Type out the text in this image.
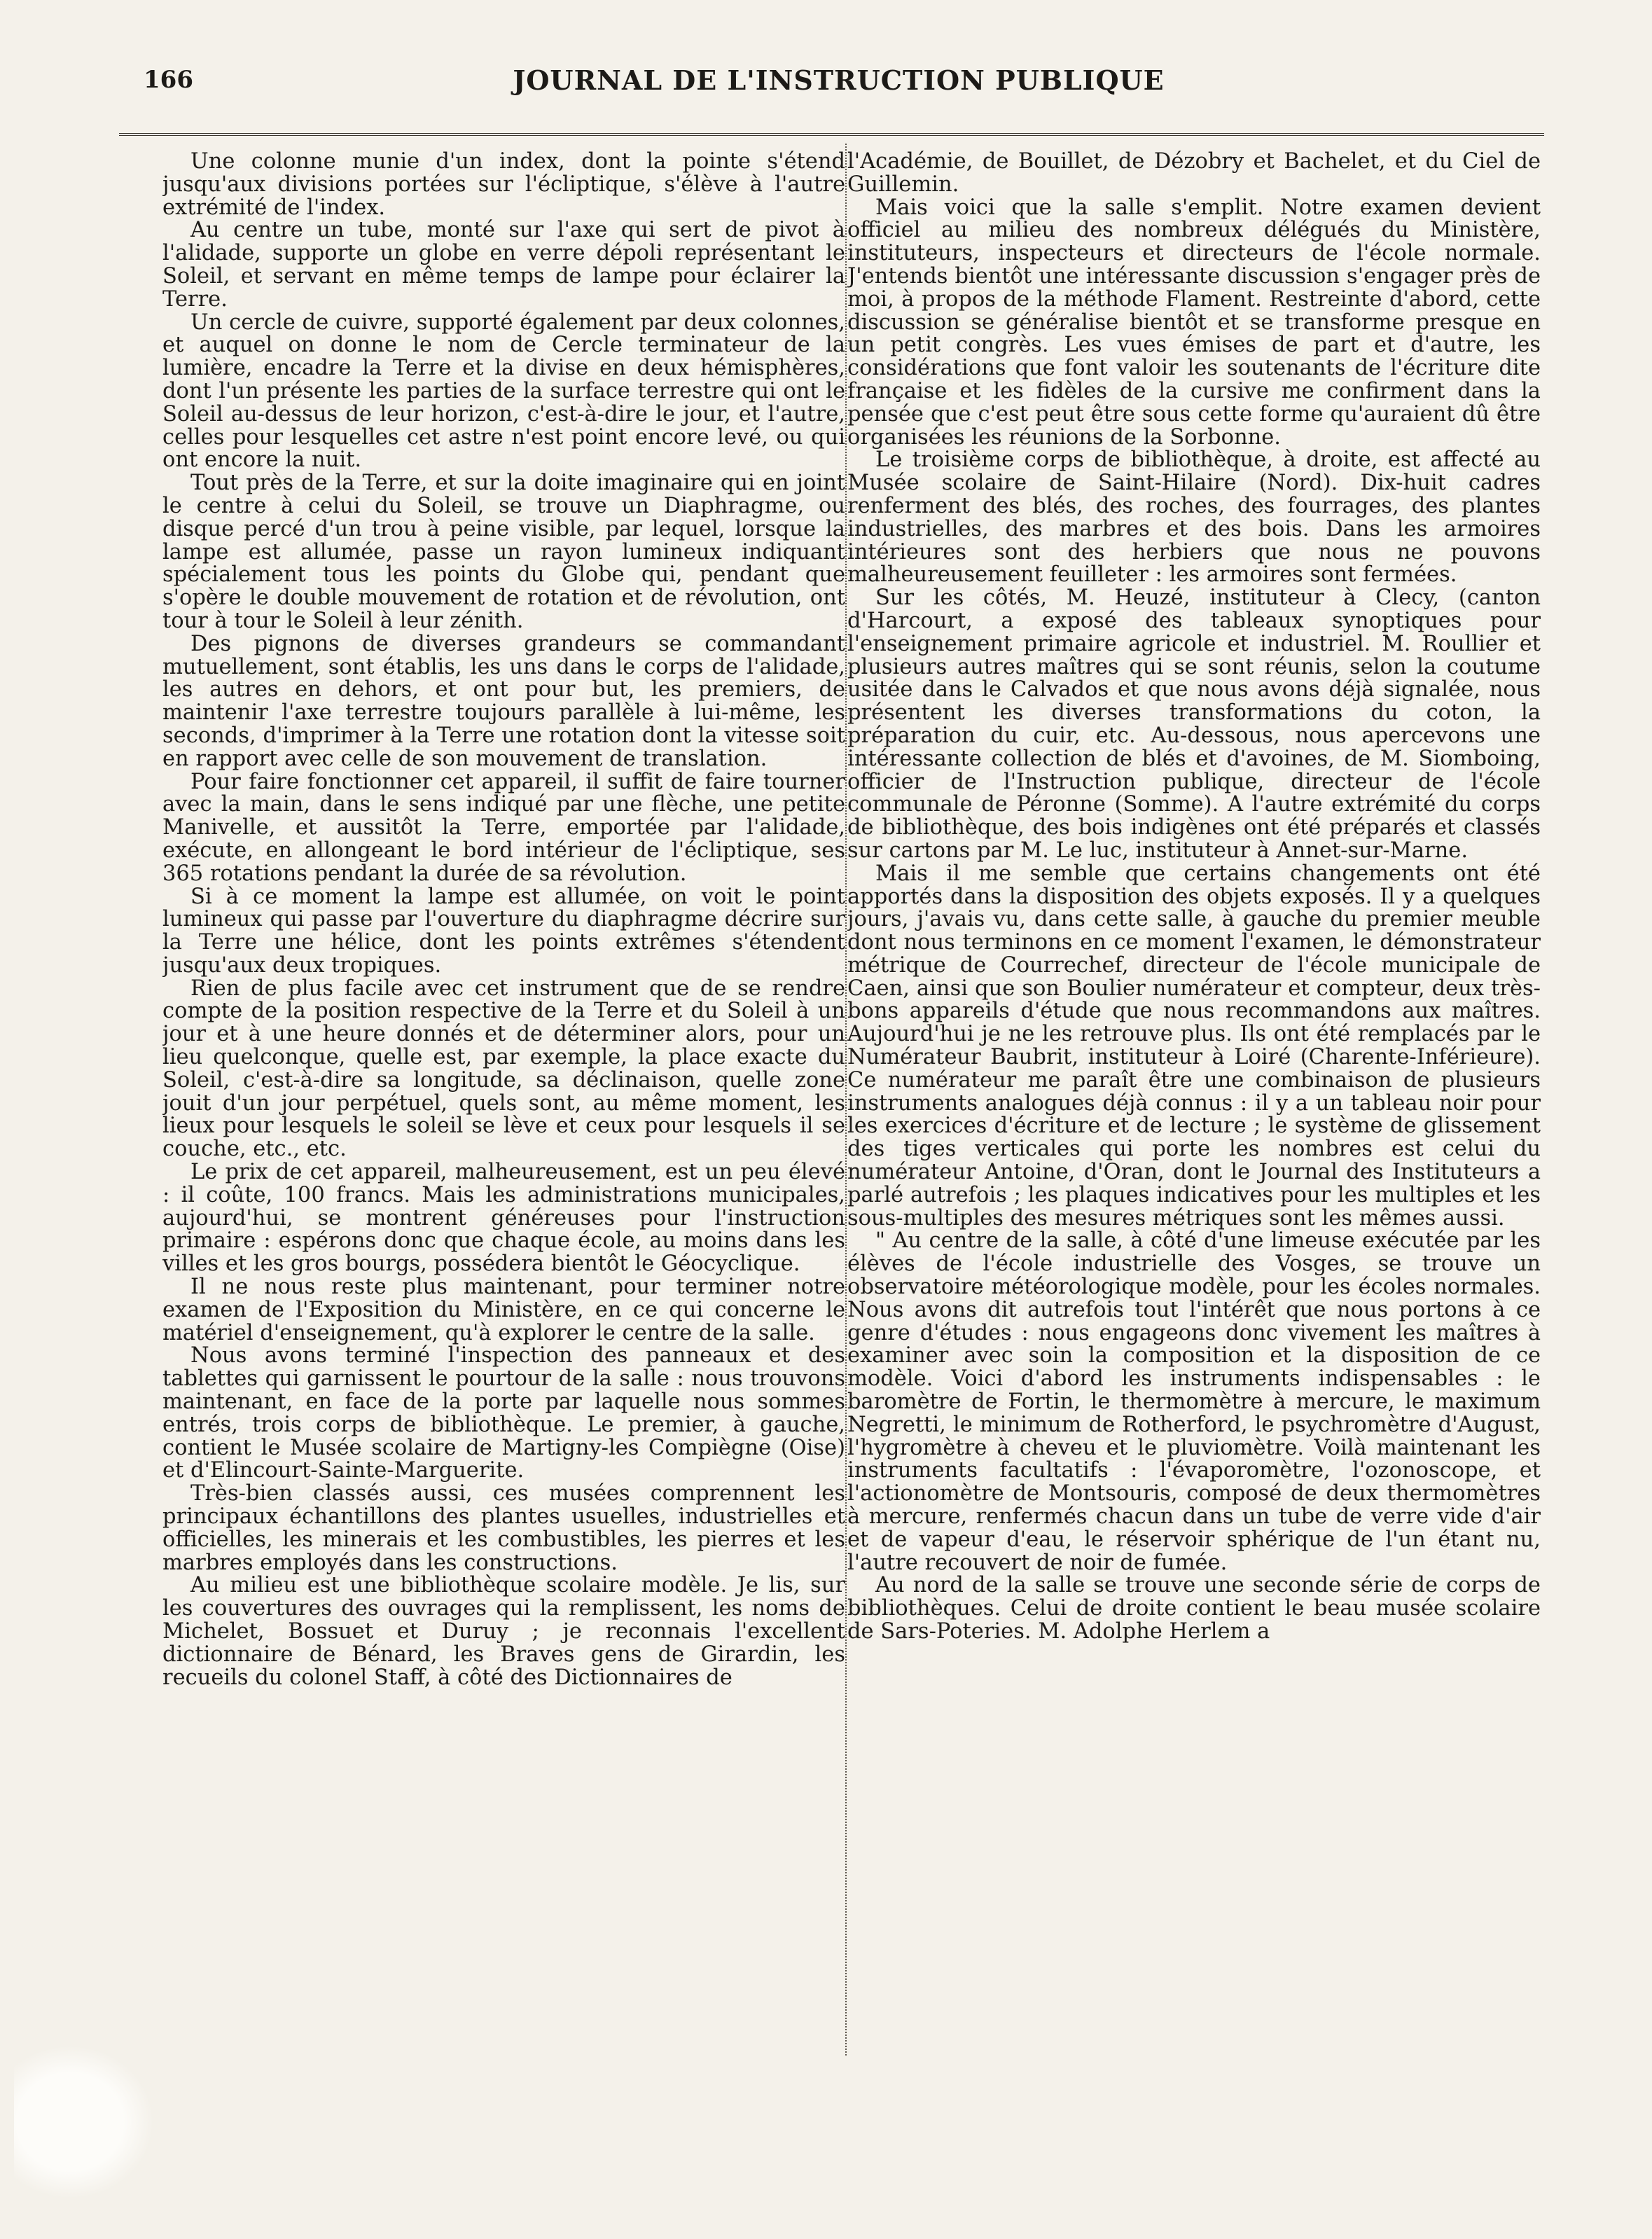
166	JOURNAL DE L'INSTRUCTION PUBLIQUE

Une colonne munie d'un index, dont la pointe s'étend jusqu'aux divisions portées sur l'écliptique, s'élève à l'autre extrémité de l'index.

Au centre un tube, monté sur l'axe qui sert de pivot à l'alidade, supporte un globe en verre dépoli représentant le Soleil, et servant en même temps de lampe pour éclairer la Terre.

Un cercle de cuivre, supporté également par deux colonnes, et auquel on donne le nom de Cercle terminateur de la lumière, encadre la Terre et la divise en deux hémisphères, dont l'un présente les parties de la surface terrestre qui ont le Soleil au-dessus de leur horizon, c'est-à-dire le jour, et l'autre, celles pour lesquelles cet astre n'est point encore levé, ou qui ont encore la nuit.

Tout près de la Terre, et sur la doite imaginaire qui en joint le centre à celui du Soleil, se trouve un Diaphragme, ou disque percé d'un trou à peine visible, par lequel, lorsque la lampe est allumée, passe un rayon lumineux indiquant spécialement tous les points du Globe qui, pendant que s'opère le double mouvement de rotation et de révolution, ont tour à tour le Soleil à leur zénith.

Des pignons de diverses grandeurs se commandant mutuellement, sont établis, les uns dans le corps de l'alidade, les autres en dehors, et ont pour but, les premiers, de maintenir l'axe terrestre toujours parallèle à lui-même, les seconds, d'imprimer à la Terre une rotation dont la vitesse soit en rapport avec celle de son mouvement de translation.

Pour faire fonctionner cet appareil, il suffit de faire tourner avec la main, dans le sens indiqué par une flèche, une petite Manivelle, et aussitôt la Terre, emportée par l'alidade, exécute, en allongeant le bord intérieur de l'écliptique, ses 365 rotations pendant la durée de sa révolution.

Si à ce moment la lampe est allumée, on voit le point lumineux qui passe par l'ouverture du diaphragme décrire sur la Terre une hélice, dont les points extrêmes s'étendent jusqu'aux deux tropiques.

Rien de plus facile avec cet instrument que de se rendre compte de la position respective de la Terre et du Soleil à un jour et à une heure donnés et de déterminer alors, pour un lieu quelconque, quelle est, par exemple, la place exacte du Soleil, c'est-à-dire sa longitude, sa déclinaison, quelle zone jouit d'un jour perpétuel, quels sont, au même moment, les lieux pour lesquels le soleil se lève et ceux pour lesquels il se couche, etc., etc.

Le prix de cet appareil, malheureusement, est un peu élevé : il coûte, 100 francs. Mais les administrations municipales, aujourd'hui, se montrent généreuses pour l'instruction primaire : espérons donc que chaque école, au moins dans les villes et les gros bourgs, possédera bientôt le Géocyclique.

Il ne nous reste plus maintenant, pour terminer notre examen de l'Exposition du Ministère, en ce qui concerne le matériel d'enseignement, qu'à explorer le centre de la salle.

Nous avons terminé l'inspection des panneaux et des tablettes qui garnissent le pourtour de la salle : nous trouvons maintenant, en face de la porte par laquelle nous sommes entrés, trois corps de bibliothèque. Le premier, à gauche, contient le Musée scolaire de Martigny-les Compiègne (Oise) et d'Elincourt-Sainte-Marguerite.

Très-bien classés aussi, ces musées comprennent les principaux échantillons des plantes usuelles, industrielles et officielles, les minerais et les combustibles, les pierres et les marbres employés dans les constructions.

Au milieu est une bibliothèque scolaire modèle. Je lis, sur les couvertures des ouvrages qui la remplissent, les noms de Michelet, Bossuet et Duruy ; je reconnais l'excellent dictionnaire de Bénard, les Braves gens de Girardin, les recueils du colonel Staff, à côté des Dictionnaires de

l'Académie, de Bouillet, de Dézobry et Bachelet, et du Ciel de Guillemin.

Mais voici que la salle s'emplit. Notre examen devient officiel au milieu des nombreux délégués du Ministère, instituteurs, inspecteurs et directeurs de l'école normale. J'entends bientôt une intéressante discussion s'engager près de moi, à propos de la méthode Flament. Restreinte d'abord, cette discussion se généralise bientôt et se transforme presque en un petit congrès. Les vues émises de part et d'autre, les considérations que font valoir les soutenants de l'écriture dite française et les fidèles de la cursive me confirment dans la pensée que c'est peut être sous cette forme qu'auraient dû être organisées les réunions de la Sorbonne.

Le troisième corps de bibliothèque, à droite, est affecté au Musée scolaire de Saint-Hilaire (Nord). Dix-huit cadres renferment des blés, des roches, des fourrages, des plantes industrielles, des marbres et des bois. Dans les armoires intérieures sont des herbiers que nous ne pouvons malheureusement feuilleter : les armoires sont fermées.

Sur les côtés, M. Heuzé, instituteur à Clecy, (canton d'Harcourt, a exposé des tableaux synoptiques pour l'enseignement primaire agricole et industriel. M. Roullier et plusieurs autres maîtres qui se sont réunis, selon la coutume usitée dans le Calvados et que nous avons déjà signalée, nous présentent les diverses transformations du coton, la préparation du cuir, etc. Au-dessous, nous apercevons une intéressante collection de blés et d'avoines, de M. Siomboing, officier de l'Instruction publique, directeur de l'école communale de Péronne (Somme). A l'autre extrémité du corps de bibliothèque, des bois indigènes ont été préparés et classés sur cartons par M. Le luc, instituteur à Annet-sur-Marne.

Mais il me semble que certains changements ont été apportés dans la disposition des objets exposés. Il y a quelques jours, j'avais vu, dans cette salle, à gauche du premier meuble dont nous terminons en ce moment l'examen, le démonstrateur métrique de Courrechef, directeur de l'école municipale de Caen, ainsi que son Boulier numérateur et compteur, deux très-bons appareils d'étude que nous recommandons aux maîtres. Aujourd'hui je ne les retrouve plus. Ils ont été remplacés par le Numérateur Baubrit, instituteur à Loiré (Charente-Inférieure). Ce numérateur me paraît être une combinaison de plusieurs instruments analogues déjà connus : il y a un tableau noir pour les exercices d'écriture et de lecture ; le système de glissement des tiges verticales qui porte les nombres est celui du numérateur Antoine, d'Oran, dont le Journal des Instituteurs a parlé autrefois ; les plaques indicatives pour les multiples et les sous-multiples des mesures métriques sont les mêmes aussi.

" Au centre de la salle, à côté d'une limeuse exécutée par les élèves de l'école industrielle des Vosges, se trouve un observatoire météorologique modèle, pour les écoles normales. Nous avons dit autrefois tout l'intérêt que nous portons à ce genre d'études : nous engageons donc vivement les maîtres à examiner avec soin la composition et la disposition de ce modèle. Voici d'abord les instruments indispensables : le baromètre de Fortin, le thermomètre à mercure, le maximum Negretti, le minimum de Rotherford, le psychromètre d'August, l'hygromètre à cheveu et le pluviomètre. Voilà maintenant les instruments facultatifs : l'évaporomètre, l'ozonoscope, et l'actionomètre de Montsouris, composé de deux thermomètres à mercure, renfermés chacun dans un tube de verre vide d'air et de vapeur d'eau, le réservoir sphérique de l'un étant nu, l'autre recouvert de noir de fumée.

Au nord de la salle se trouve une seconde série de corps de bibliothèques. Celui de droite contient le beau musée scolaire de Sars-Poteries. M. Adolphe Herlem a
